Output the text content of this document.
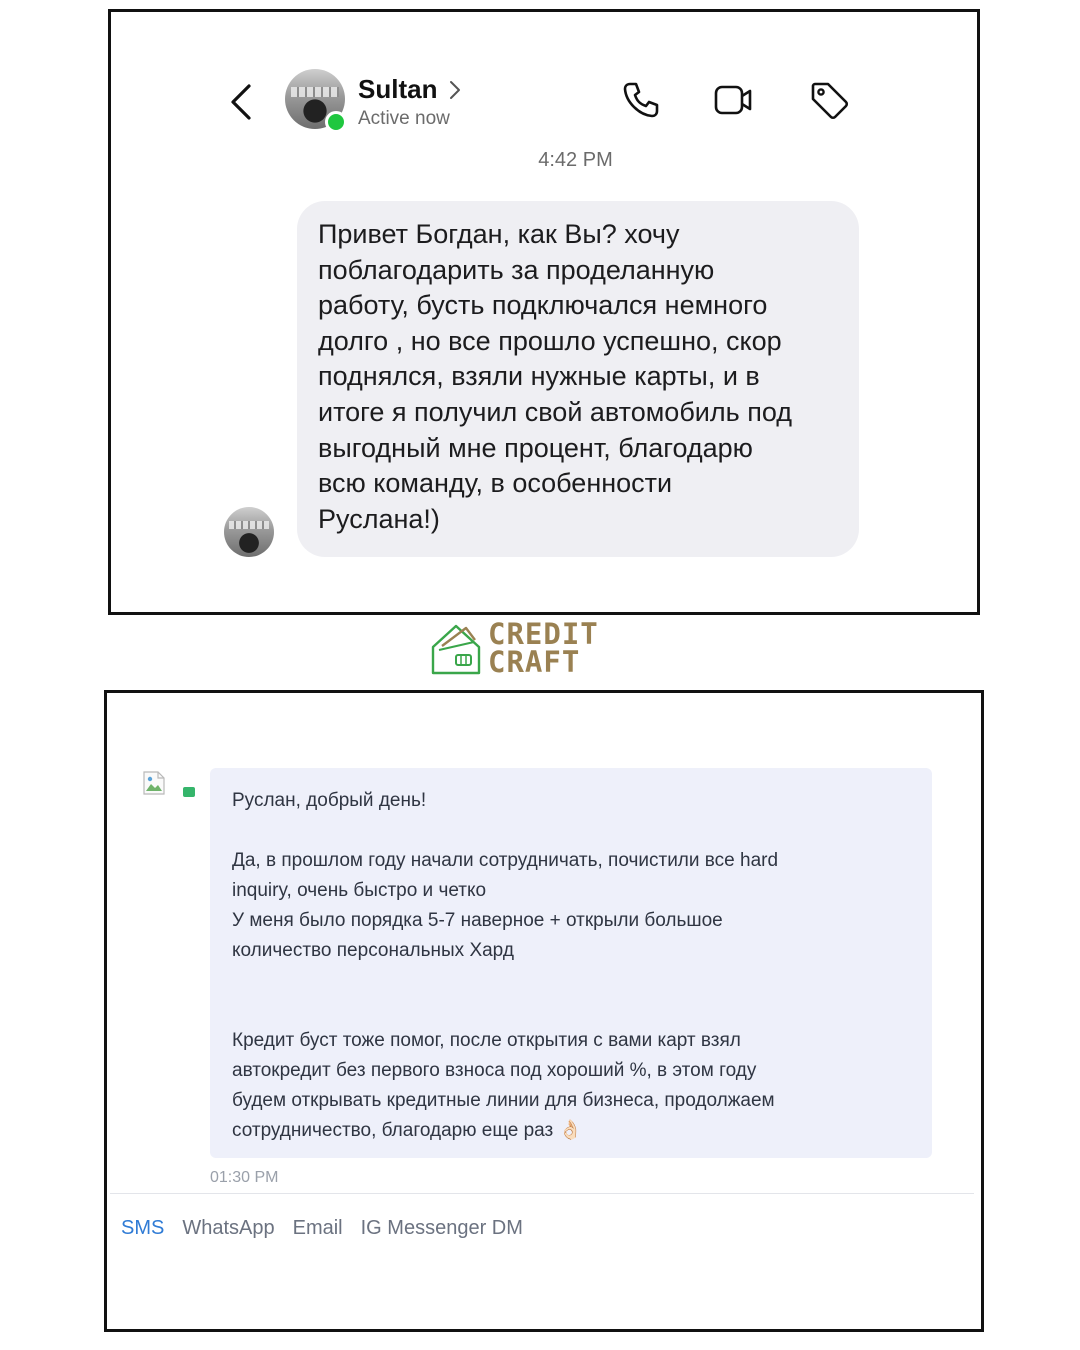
Sultan
Active now
4:42 PM
Привет Богдан, как Вы? хочу
поблагодарить за проделанную
работу, бусть подключался немного
долго , но все прошло успешно, скор
поднялся, взяли нужные карты, и в
итоге я получил свой автомобиль под
выгодный мне процент, благодарю
всю команду, в особенности
Руслана!)
CREDIT
CRAFT

Руслан, добрый день!

Да, в прошлом году начали сотрудничать, почистили все hard

inquiry, очень быстро и четко

У меня было порядка 5-7 наверное + открыли большое

количество персональных Хард

Кредит буст тоже помог, после открытия с вами карт взял

автокредит без первого взноса под хороший %, в этом году

будем открывать кредитные линии для бизнеса, продолжаем

сотрудничество, благодарю еще раз 👌🏻

01:30 PM
SMS WhatsApp Email IG Messenger DM
